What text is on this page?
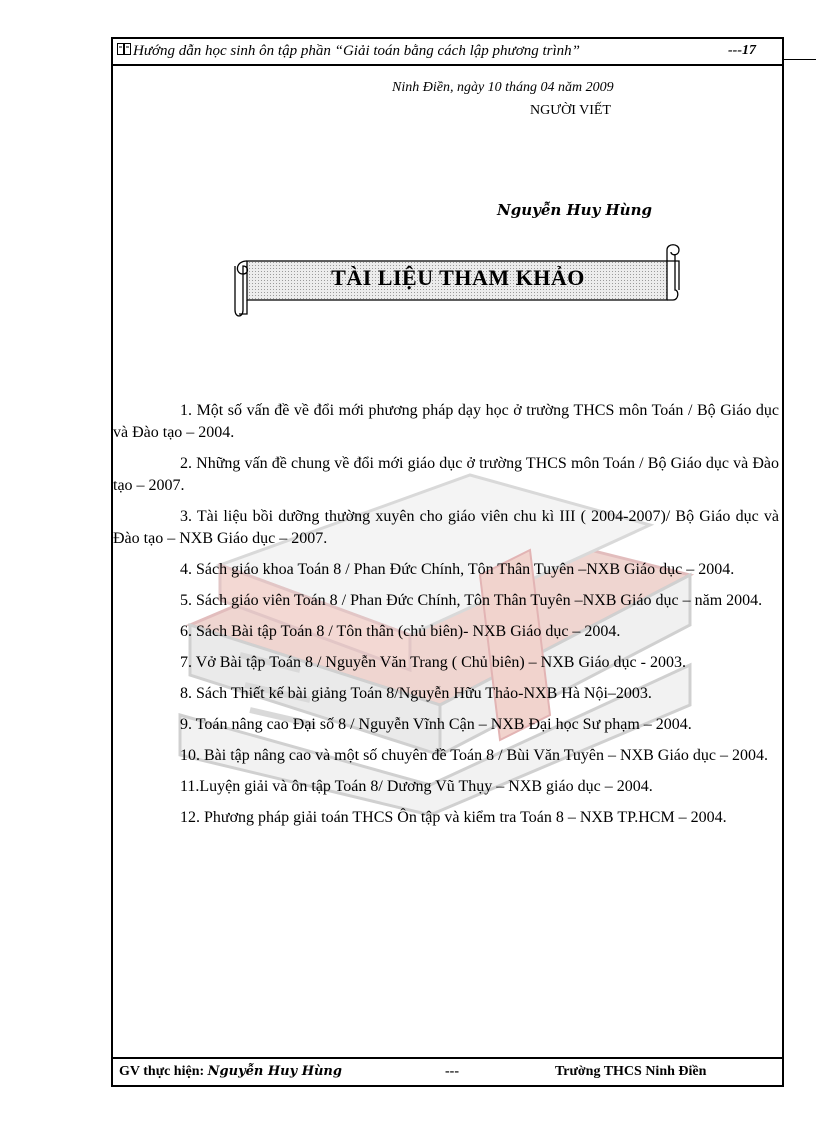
Hướng dẫn học sinh ôn tập phần “Giải toán bằng cách lập phương trình”	---17
GV thực hiện: Nguyễn Huy Hùng	---	Trường THCS Ninh Điền
Ninh Điền, ngày 10 tháng 04 năm 2009
NGƯỜI VIẾT
Nguyễn Huy Hùng
TÀI LIỆU THAM KHẢO

1. Một số vấn đề về đổi mới phương pháp dạy học ở trường THCS môn Toán / Bộ Giáo dục và Đào tạo – 2004.

2. Những vấn đề chung về đổi mới giáo dục ở trường THCS môn Toán / Bộ Giáo dục và Đào tạo – 2007.

3. Tài liệu bồi dưỡng thường xuyên cho giáo viên chu kì III ( 2004-2007)/ Bộ Giáo dục và Đào tạo – NXB Giáo dục – 2007.

4. Sách giáo khoa Toán 8 / Phan Đức Chính, Tôn Thân Tuyên –NXB Giáo dục – 2004.

5. Sách giáo viên Toán 8 / Phan Đức Chính, Tôn Thân Tuyên –NXB Giáo dục – năm 2004.

6. Sách Bài tập Toán 8 / Tôn thân (chủ biên)- NXB Giáo dục – 2004.

7. Vở Bài tập Toán 8 / Nguyễn Văn Trang ( Chủ biên) – NXB Giáo dục - 2003.

8. Sách Thiết kế bài giảng Toán 8/Nguyễn Hữu Thảo-NXB Hà Nội–2003.

9. Toán nâng cao Đại số 8 / Nguyễn Vĩnh Cận – NXB Đại học Sư phạm – 2004.

10. Bài tập nâng cao và một số chuyên đề Toán 8 / Bùi Văn Tuyên – NXB Giáo dục – 2004.

11.Luyện giải và ôn tập Toán 8/ Dương Vũ Thụy – NXB giáo dục – 2004.

12. Phương pháp giải toán THCS Ôn tập và kiểm tra Toán 8 – NXB TP.HCM – 2004.
